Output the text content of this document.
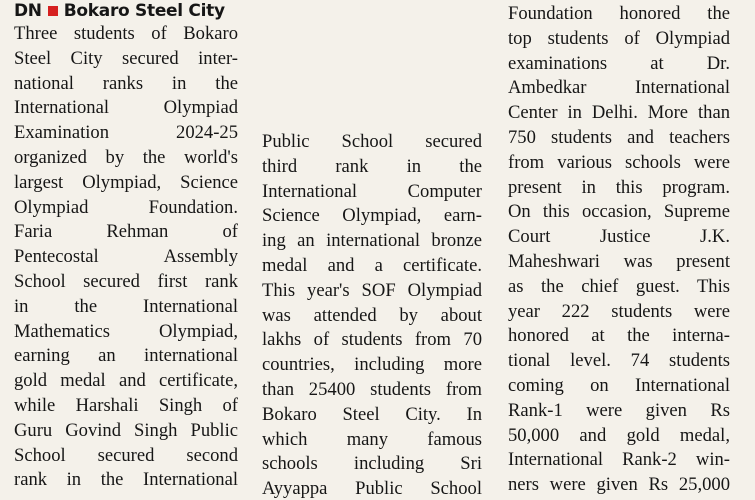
DN Bokaro Steel City

Three students of Bokaro
Steel City secured inter-
national ranks in the
International Olympiad
Examination 2024-25
organized by the world's
largest Olympiad, Science
Olympiad Foundation.
Faria Rehman of
Pentecostal Assembly
School secured first rank
in the International
Mathematics Olympiad,
earning an international
gold medal and certificate,
while Harshali Singh of
Guru Govind Singh Public
School secured second
rank in the International

Public School secured
third rank in the
International Computer
Science Olympiad, earn-
ing an international bronze
medal and a certificate.
This year's SOF Olympiad
was attended by about
lakhs of students from 70
countries, including more
than 25400 students from
Bokaro Steel City. In
which many famous
schools including Sri
Ayyappa Public School

Foundation honored the
top students of Olympiad
examinations at Dr.
Ambedkar International
Center in Delhi. More than
750 students and teachers
from various schools were
present in this program.
On this occasion, Supreme
Court Justice J.K.
Maheshwari was present
as the chief guest. This
year 222 students were
honored at the interna-
tional level. 74 students
coming on International
Rank-1 were given Rs
50,000 and gold medal,
International Rank-2 win-
ners were given Rs 25,000
